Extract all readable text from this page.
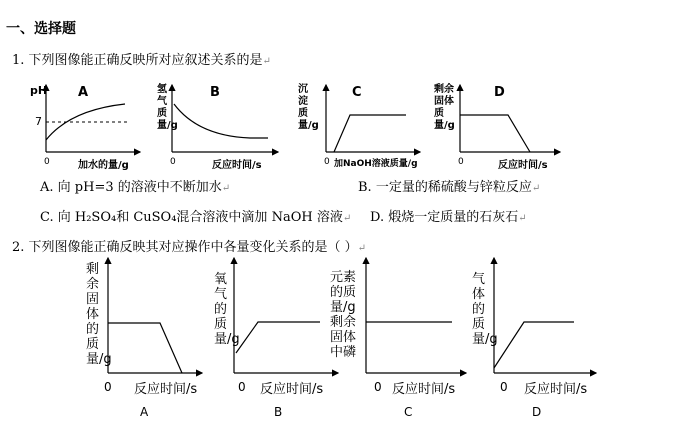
一、选择题
1. 下列图像能正确反映所对应叙述关系的是↵
pH A
7
0	加水的量/g
氢气质量/g
B
0	反应时间/s
沉淀质量/g
C
0 加NaOH溶液质量/g
剩余固体质量/g
D
0	反应时间/s
A. 向 pH=3 的溶液中不断加水↵	B. 一定量的稀硫酸与锌粒反应↵
C. 向 H₂SO₄和 CuSO₄混合溶液中滴加 NaOH 溶液↵ D. 煅烧一定质量的石灰石↵
2. 下列图像能正确反映其对应操作中各量变化关系的是（ ）↵
剩余固体的质量/g
0 反应时间/s
A
氧气的质量/g
0 反应时间/s
B
元素的质量/g 剩余固体中磷
0 反应时间/s
C
气体的质量/g
0 反应时间/s
D
